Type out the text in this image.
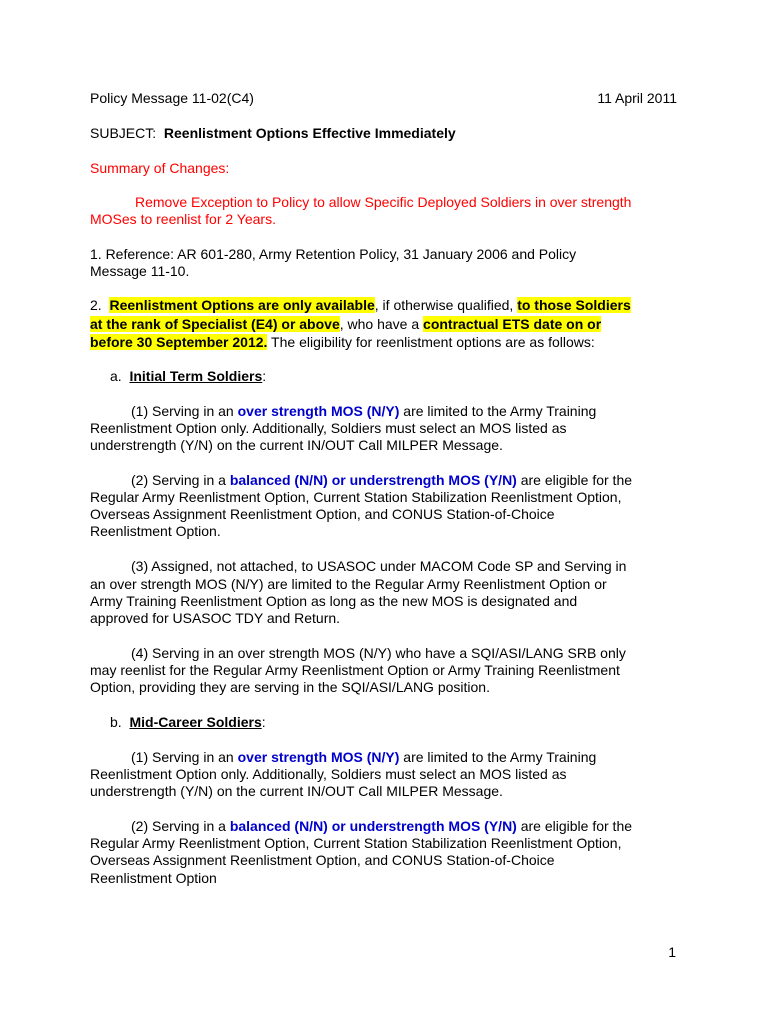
Policy Message 11-02(C4)	11 April 2011
SUBJECT: Reenlistment Options Effective Immediately
Summary of Changes:
Remove Exception to Policy to allow Specific Deployed Soldiers in over strength
MOSes to reenlist for 2 Years.
1. Reference: AR 601-280, Army Retention Policy, 31 January 2006 and Policy
Message 11-10.
2. Reenlistment Options are only available, if otherwise qualified, to those Soldiers
at the rank of Specialist (E4) or above, who have a contractual ETS date on or
before 30 September 2012. The eligibility for reenlistment options are as follows:
a. Initial Term Soldiers:
(1) Serving in an over strength MOS (N/Y) are limited to the Army Training
Reenlistment Option only. Additionally, Soldiers must select an MOS listed as
understrength (Y/N) on the current IN/OUT Call MILPER Message.
(2) Serving in a balanced (N/N) or understrength MOS (Y/N) are eligible for the
Regular Army Reenlistment Option, Current Station Stabilization Reenlistment Option,
Overseas Assignment Reenlistment Option, and CONUS Station-of-Choice
Reenlistment Option.
(3) Assigned, not attached, to USASOC under MACOM Code SP and Serving in
an over strength MOS (N/Y) are limited to the Regular Army Reenlistment Option or
Army Training Reenlistment Option as long as the new MOS is designated and
approved for USASOC TDY and Return.
(4) Serving in an over strength MOS (N/Y) who have a SQI/ASI/LANG SRB only
may reenlist for the Regular Army Reenlistment Option or Army Training Reenlistment
Option, providing they are serving in the SQI/ASI/LANG position.
b. Mid-Career Soldiers:
(1) Serving in an over strength MOS (N/Y) are limited to the Army Training
Reenlistment Option only. Additionally, Soldiers must select an MOS listed as
understrength (Y/N) on the current IN/OUT Call MILPER Message.
(2) Serving in a balanced (N/N) or understrength MOS (Y/N) are eligible for the
Regular Army Reenlistment Option, Current Station Stabilization Reenlistment Option,
Overseas Assignment Reenlistment Option, and CONUS Station-of-Choice
Reenlistment Option
1
